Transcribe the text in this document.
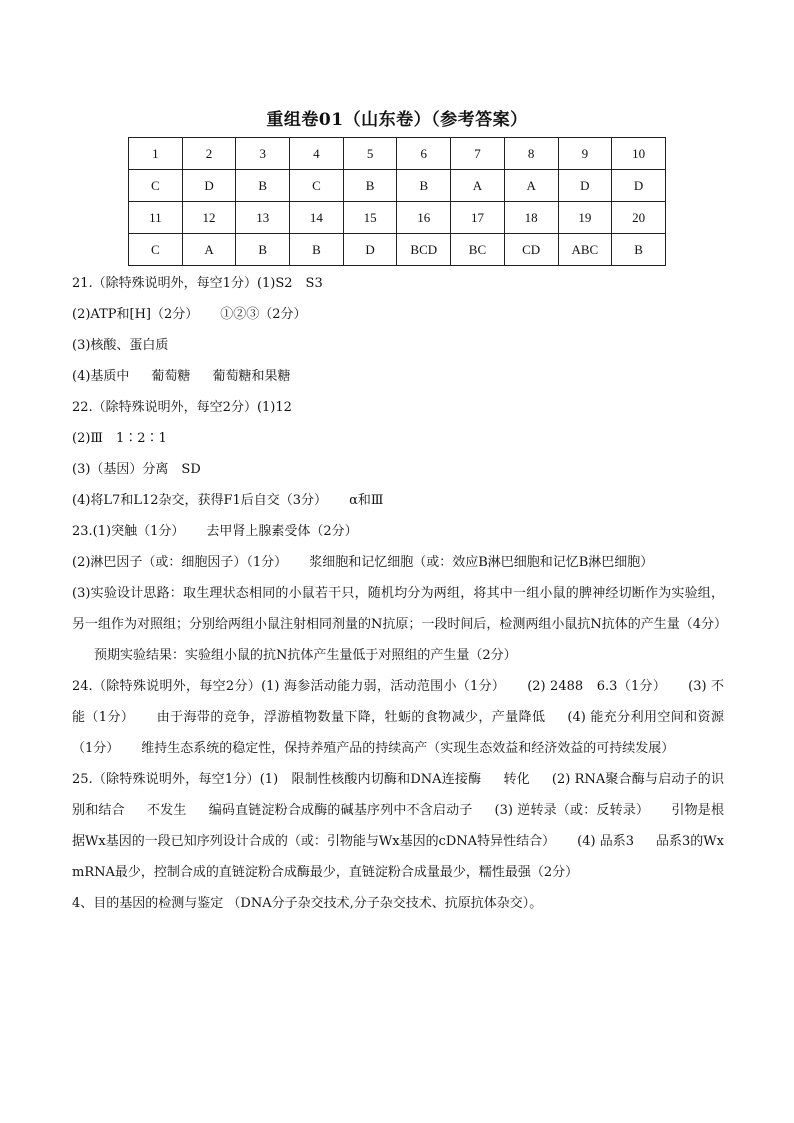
重组卷01（山东卷）（参考答案）
1	2	3	4	5	6	7	8	9	10
C	D	B	C	B	B	A	A	D	D
11	12	13	14	15	16	17	18	19	20
C	A	B	B	D	BCD	BC	CD	ABC	B

21.（除特殊说明外，每空1分）(1)S2　S3

(2)ATP和[H]（2分） ①②③（2分）

(3)核酸、蛋白质

(4)基质中 葡萄糖 葡萄糖和果糖

22.（除特殊说明外，每空2分）(1)12

(2)Ⅲ　1∶2∶1

(3)（基因）分离　SD

(4)将L7和L12杂交，获得F1后自交（3分） α和Ⅲ

23.(1)突触（1分） 去甲肾上腺素受体（2分）

(2)淋巴因子（或：细胞因子）（1分） 浆细胞和记忆细胞（或：效应B淋巴细胞和记忆B淋巴细胞）

(3)实验设计思路：取生理状态相同的小鼠若干只，随机均分为两组，将其中一组小鼠的脾神经切断作为实验组，另一组作为对照组；分别给两组小鼠注射相同剂量的N抗原；一段时间后，检测两组小鼠抗N抗体的产生量（4分）预期实验结果：实验组小鼠的抗N抗体产生量低于对照组的产生量（2分）

24.（除特殊说明外，每空2分）(1) 海参活动能力弱，活动范围小（1分） (2) 2488　6.3（1分） (3) 不能（1分） 由于海带的竞争，浮游植物数量下降，牡蛎的食物减少，产量降低 (4) 能充分利用空间和资源（1分） 维持生态系统的稳定性，保持养殖产品的持续高产（实现生态效益和经济效益的可持续发展）

25.（除特殊说明外，每空1分）(1)　限制性核酸内切酶和DNA连接酶 转化 (2) RNA聚合酶与启动子的识别和结合 不发生 编码直链淀粉合成酶的碱基序列中不含启动子 (3) 逆转录（或：反转录） 引物是根据Wx基因的一段已知序列设计合成的（或：引物能与Wx基因的cDNA特异性结合） (4) 品系3 品系3的Wx mRNA最少，控制合成的直链淀粉合成酶最少，直链淀粉合成量最少，糯性最强（2分）

4、目的基因的检测与鉴定 （DNA分子杂交技术,分子杂交技术、抗原抗体杂交）。
